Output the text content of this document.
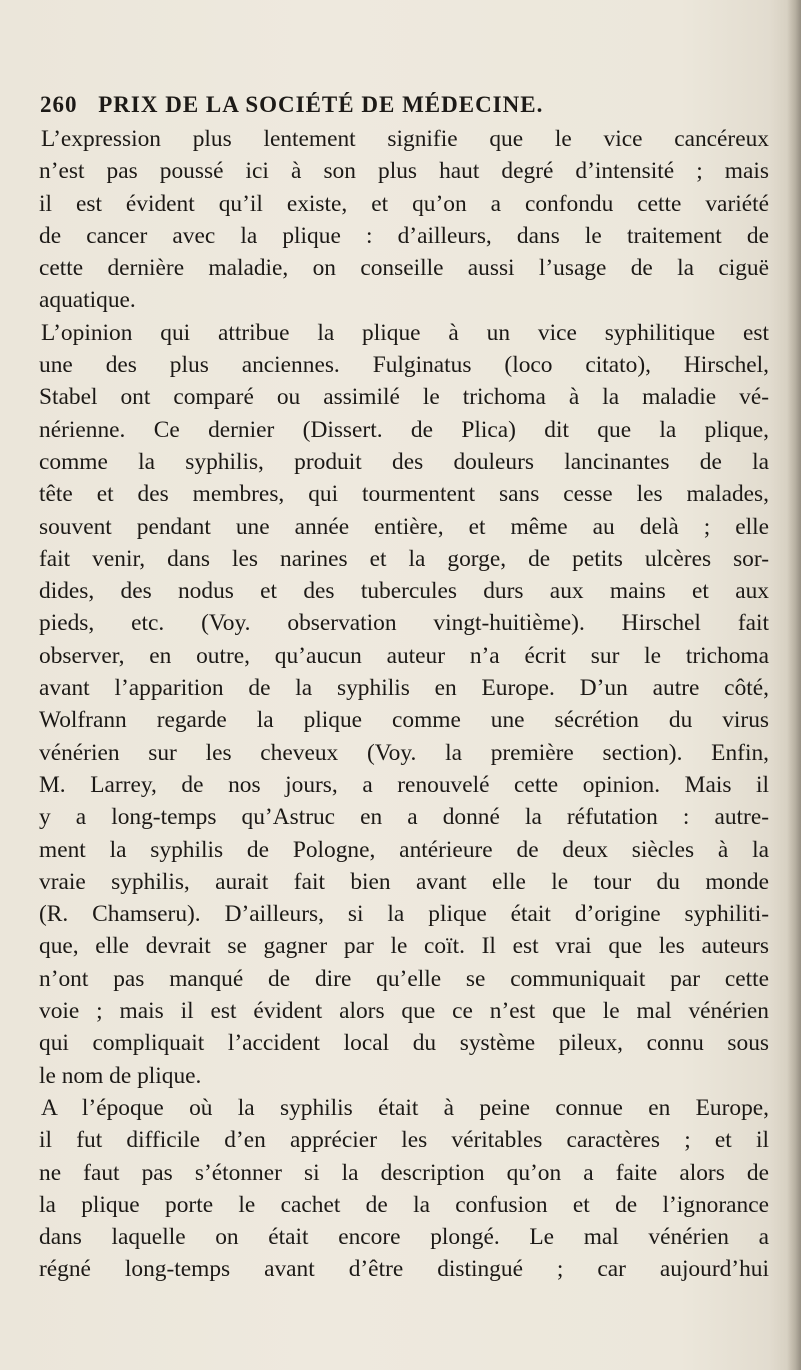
260 PRIX DE LA SOCIÉTÉ DE MÉDECINE.
L’expression plus lentement signifie que le vice cancéreux
n’est pas poussé ici à son plus haut degré d’intensité ; mais
il est évident qu’il existe, et qu’on a confondu cette variété
de cancer avec la plique : d’ailleurs, dans le traitement de
cette dernière maladie, on conseille aussi l’usage de la ciguë
aquatique.
L’opinion qui attribue la plique à un vice syphilitique est
une des plus anciennes. Fulginatus (loco citato), Hirschel,
Stabel ont comparé ou assimilé le trichoma à la maladie vé-
nérienne. Ce dernier (Dissert. de Plica) dit que la plique,
comme la syphilis, produit des douleurs lancinantes de la
tête et des membres, qui tourmentent sans cesse les malades,
souvent pendant une année entière, et même au delà ; elle
fait venir, dans les narines et la gorge, de petits ulcères sor-
dides, des nodus et des tubercules durs aux mains et aux
pieds, etc. (Voy. observation vingt-huitième). Hirschel fait
observer, en outre, qu’aucun auteur n’a écrit sur le trichoma
avant l’apparition de la syphilis en Europe. D’un autre côté,
Wolfrann regarde la plique comme une sécrétion du virus
vénérien sur les cheveux (Voy. la première section). Enfin,
M. Larrey, de nos jours, a renouvelé cette opinion. Mais il
y a long-temps qu’Astruc en a donné la réfutation : autre-
ment la syphilis de Pologne, antérieure de deux siècles à la
vraie syphilis, aurait fait bien avant elle le tour du monde
(R. Chamseru). D’ailleurs, si la plique était d’origine syphiliti-
que, elle devrait se gagner par le coït. Il est vrai que les auteurs
n’ont pas manqué de dire qu’elle se communiquait par cette
voie ; mais il est évident alors que ce n’est que le mal vénérien
qui compliquait l’accident local du système pileux, connu sous
le nom de plique.
A l’époque où la syphilis était à peine connue en Europe,
il fut difficile d’en apprécier les véritables caractères ; et il
ne faut pas s’étonner si la description qu’on a faite alors de
la plique porte le cachet de la confusion et de l’ignorance
dans laquelle on était encore plongé. Le mal vénérien a
régné long-temps avant d’être distingué ; car aujourd’hui
